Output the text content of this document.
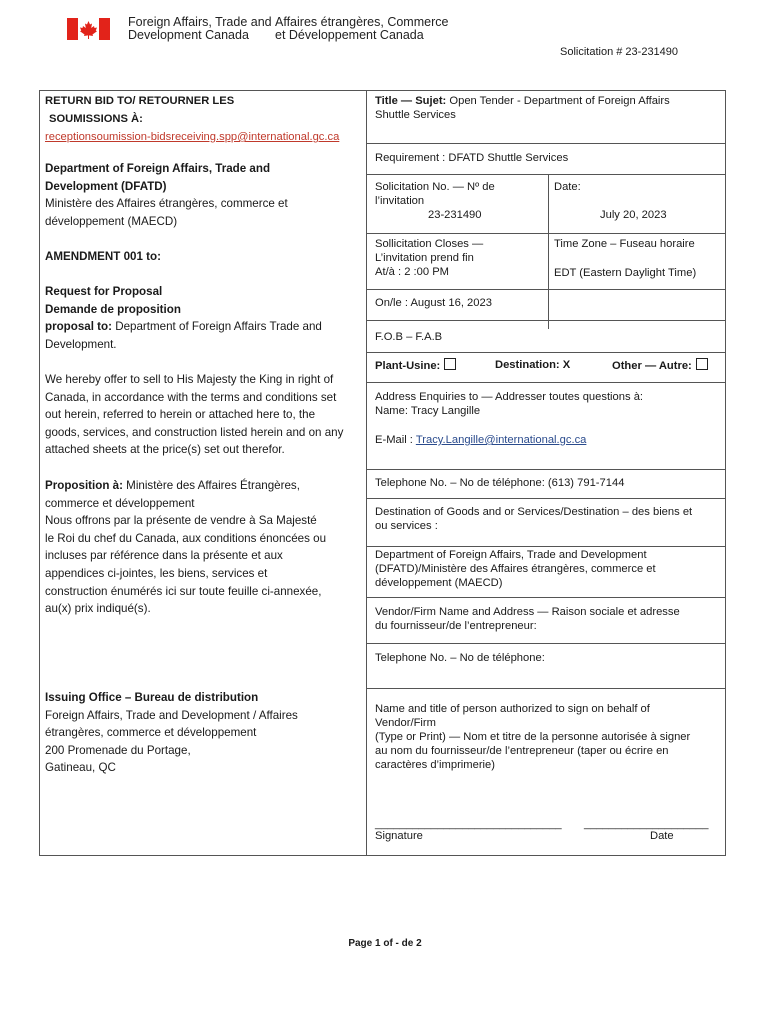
Foreign Affairs, Trade and
Development Canada
Affaires étrangères, Commerce
et Développement Canada
Solicitation # 23-231490
RETURN BID TO/ RETOURNER LES
SOUMISSIONS À:
receptionsoumission-bidsreceiving.spp@international.gc.ca
Department of Foreign Affairs, Trade and
Development (DFATD)
Ministère des Affaires étrangères, commerce et
développement (MAECD)
AMENDMENT 001 to:
Request for Proposal
Demande de proposition
proposal to: Department of Foreign Affairs Trade and
Development.
We hereby offer to sell to His Majesty the King in right of
Canada, in accordance with the terms and conditions set
out herein, referred to herein or attached here to, the
goods, services, and construction listed herein and on any
attached sheets at the price(s) set out therefor.
Proposition à: Ministère des Affaires Étrangères,
commerce et développement
Nous offrons par la présente de vendre à Sa Majesté
le Roi du chef du Canada, aux conditions énoncées ou
incluses par référence dans la présente et aux
appendices ci-jointes, les biens, services et
construction énumérés ici sur toute feuille ci-annexée,
au(x) prix indiqué(s).
Issuing Office – Bureau de distribution
Foreign Affairs, Trade and Development / Affaires
étrangères, commerce et développement
200 Promenade du Portage,
Gatineau, QC
Title — Sujet: Open Tender - Department of Foreign Affairs
Shuttle Services
Requirement : DFATD Shuttle Services
Solicitation No. — Nº de
l’invitation
23-231490
Date:
July 20, 2023
Sollicitation Closes —
L’invitation prend fin
At/à : 2 :00 PM
Time Zone – Fuseau horaire
EDT (Eastern Daylight Time)
On/le : August 16, 2023
F.O.B – F.A.B
Plant-Usine:	Destination: X	Other — Autre:
Address Enquiries to — Addresser toutes questions à:
Name: Tracy Langille
E-Mail : Tracy.Langille@international.gc.ca
Telephone No. – No de téléphone: (613) 791-7144
Destination of Goods and or Services/Destination – des biens et
ou services :
Department of Foreign Affairs, Trade and Development
(DFATD)/Ministère des Affaires étrangères, commerce et
développement (MAECD)
Vendor/Firm Name and Address — Raison sociale et adresse
du fournisseur/de l’entrepreneur:
Telephone No. – No de téléphone:
Name and title of person authorized to sign on behalf of
Vendor/Firm
(Type or Print) — Nom et titre de la personne autorisée à signer
au nom du fournisseur/de l’entrepreneur (taper ou écrire en
caractères d’imprimerie)
______________________________ ____________________
Signature	Date
Page 1 of - de 2
